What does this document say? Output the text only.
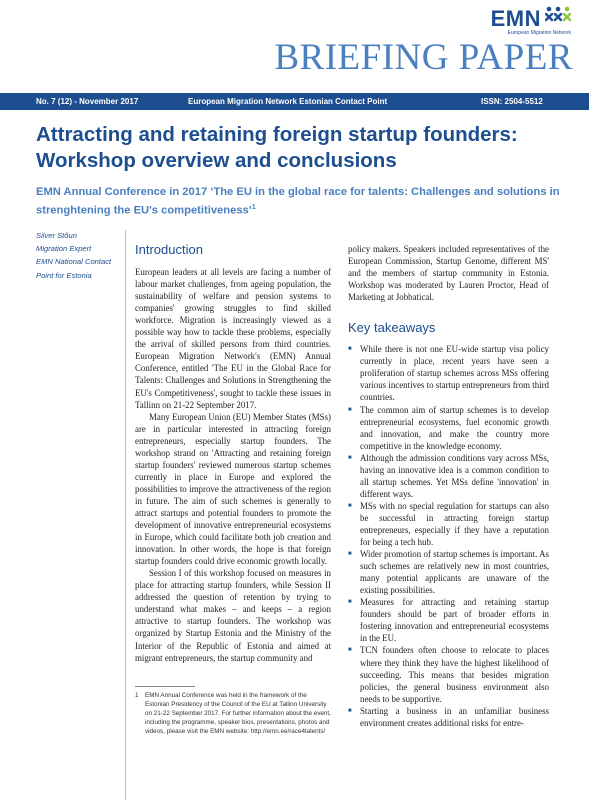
EMN
European Migration Network
BRIEFING PAPER
No. 7 (12) - November 2017	European Migration Network Estonian Contact Point	ISSN: 2504-5512
Attracting and retaining foreign startup founders: Workshop overview and conclusions
EMN Annual Conference in 2017 ‘The EU in the global race for talents: Challenges and solutions in strenghtening the EU's competitiveness’$^1$
Silver Stõun
Migration Expert
EMN National Contact Point for Estonia
Introduction

European leaders at all levels are facing a number of labour market challenges, from ageing population, the sustainability of welfare and pension systems to companies' growing struggles to find skilled workforce. Migration is increasingly viewed as a possible way how to tackle these problems, especially the arrival of skilled persons from third countries. European Migration Network's (EMN) Annual Conference, entitled 'The EU in the Global Race for Talents: Challenges and Solutions in Strengthening the EU's Competitiveness', sought to tackle these issues in Tallinn on 21-22 September 2017.

Many European Union (EU) Member States (MSs) are in particular interested in attracting foreign entrepreneurs, especially startup founders. The workshop strand on 'Attracting and retaining foreign startup founders' reviewed numerous startup schemes currently in place in Europe and explored the possibilities to improve the attractiveness of the region in future. The aim of such schemes is generally to attract startups and potential founders to promote the development of innovative entrepreneurial ecosystems in Europe, which could facilitate both job creation and innovation. In other words, the hope is that foreign startup founders could drive economic growth locally.

Session I of this workshop focused on measures in place for attracting startup founders, while Session II addressed the question of retention by trying to understand what makes – and keeps – a region attractive to startup founders. The workshop was organized by Startup Estonia and the Ministry of the Interior of the Republic of Estonia and aimed at migrant entrepreneurs, the startup community and

policy makers. Speakers included representatives of the European Commission, Startup Genome, different MS' and the members of startup community in Estonia. Workshop was moderated by Lauren Proctor, Head of Marketing at Jobbatical.

Key takeaways
■ While there is not one EU-wide startup visa policy currently in place, recent years have seen a proliferation of startup schemes across MSs offering various incentives to startup entrepreneurs from third countries.
■ The common aim of startup schemes is to develop entrepreneurial ecosystems, fuel economic growth and innovation, and make the country more competitive in the knowledge economy.
■ Although the admission conditions vary across MSs, having an innovative idea is a common condition to all startup schemes. Yet MSs define 'innovation' in different ways.
■ MSs with no special regulation for startups can also be successful in attracting foreign startup entrepreneurs, especially if they have a reputation for being a tech hub.
■ Wider promotion of startup schemes is important. As such schemes are relatively new in most countries, many potential applicants are unaware of the existing possibilities.
■ Measures for attracting and retaining startup founders should be part of broader efforts in fostering innovation and entrepreneurial ecosystems in the EU.
■ TCN founders often choose to relocate to places where they think they have the highest likelihood of succeeding. This means that besides migration policies, the general business environment also needs to be supportive.
■ Starting a business in an unfamiliar business environment creates additional risks for entre-
1 EMN Annual Conference was held in the framework of the Estonian Presidency of the Council of the EU at Tallinn University on 21-22 September 2017. For further information about the event, including the programme, speaker bios, presentations, photos and videos, please visit the EMN website: http://emn.ee/race4talents/
